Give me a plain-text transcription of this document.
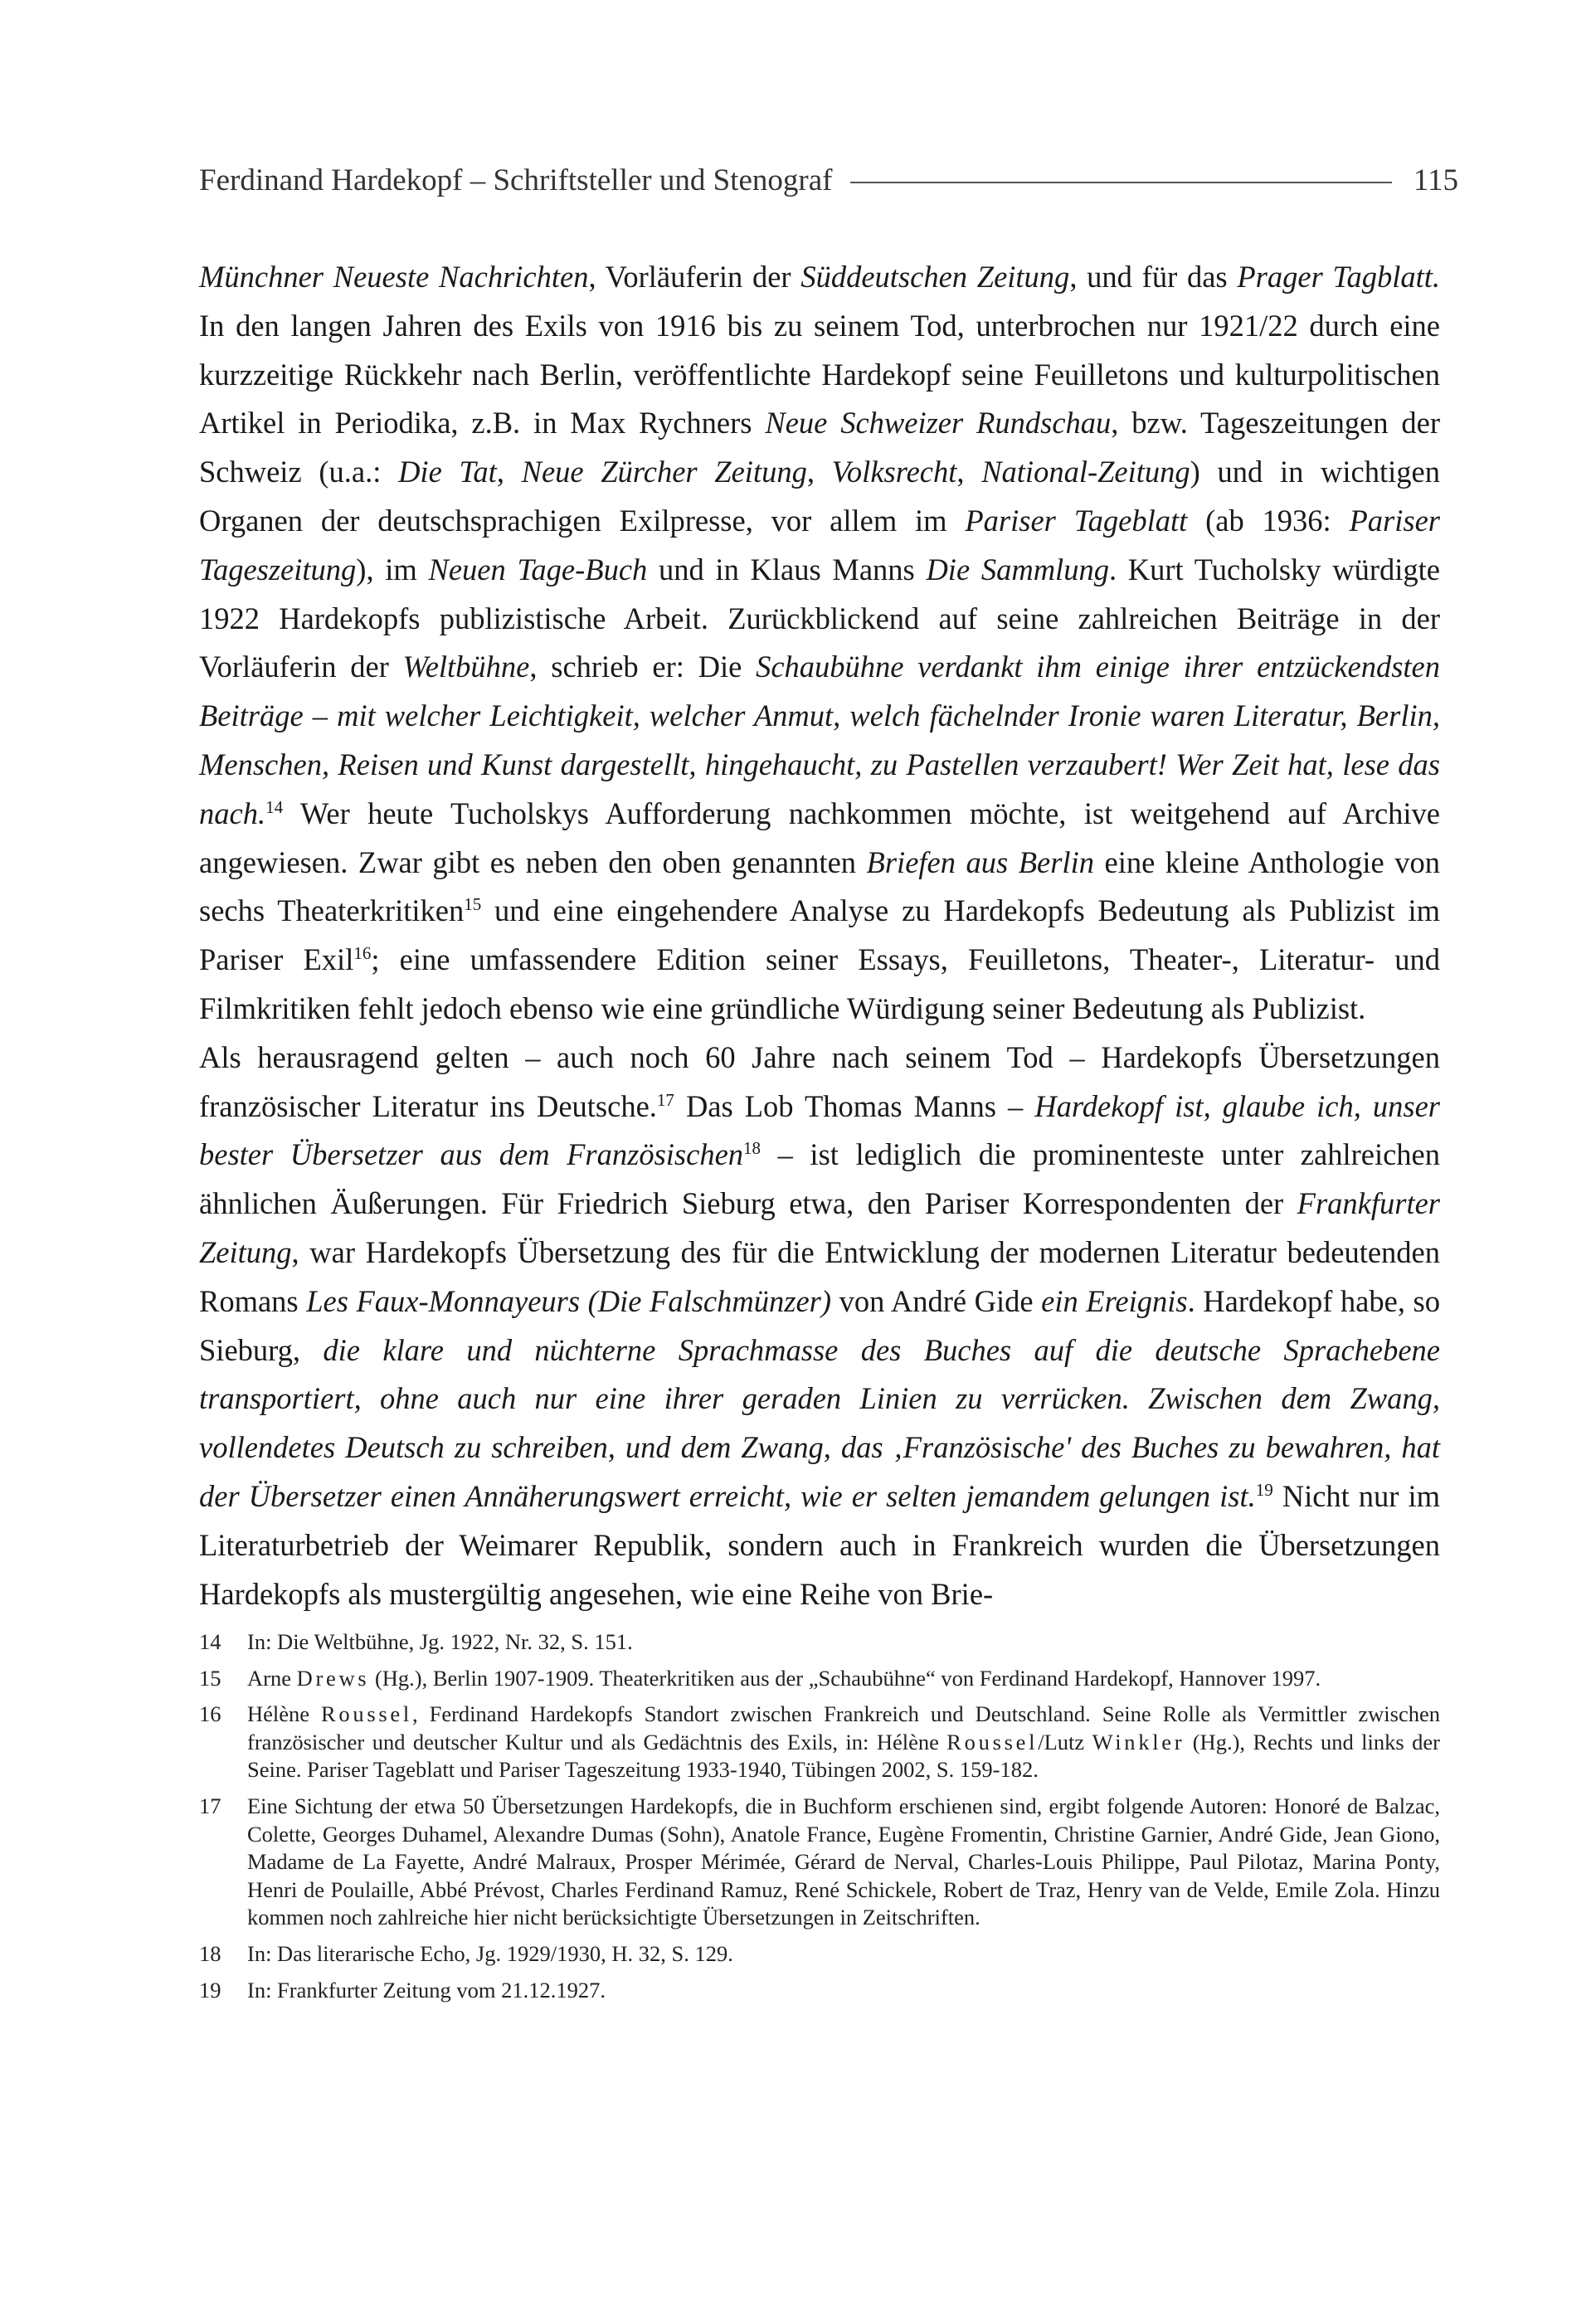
Ferdinand Hardekopf – Schriftsteller und Stenograf	115

Münchner Neueste Nachrichten, Vorläuferin der Süddeutschen Zeitung, und für das Prager Tagblatt. In den langen Jahren des Exils von 1916 bis zu seinem Tod, unterbrochen nur 1921/22 durch eine kurzzeitige Rückkehr nach Berlin, veröffentlichte Hardekopf seine Feuilletons und kulturpolitischen Artikel in Periodika, z.B. in Max Rychners Neue Schweizer Rundschau, bzw. Tageszeitungen der Schweiz (u.a.: Die Tat, Neue Zürcher Zeitung, Volksrecht, National-Zeitung) und in wichtigen Organen der deutschsprachigen Exilpresse, vor allem im Pariser Tageblatt (ab 1936: Pariser Tageszeitung), im Neuen Tage-Buch und in Klaus Manns Die Sammlung. Kurt Tucholsky würdigte 1922 Hardekopfs publizistische Arbeit. Zurückblickend auf seine zahlreichen Beiträge in der Vorläuferin der Weltbühne, schrieb er: Die Schaubühne verdankt ihm einige ihrer entzückendsten Beiträge – mit welcher Leichtigkeit, welcher Anmut, welch fächelnder Ironie waren Literatur, Berlin, Menschen, Reisen und Kunst dargestellt, hingehaucht, zu Pastellen verzaubert! Wer Zeit hat, lese das nach.$^{14}$ Wer heute Tucholskys Aufforderung nachkommen möchte, ist weitgehend auf Archive angewiesen. Zwar gibt es neben den oben genannten Briefen aus Berlin eine kleine Anthologie von sechs Theaterkritiken$^{15}$ und eine eingehendere Analyse zu Hardekopfs Bedeutung als Publizist im Pariser Exil$^{16}$; eine umfassendere Edition seiner Essays, Feuilletons, Theater-, Literatur- und Filmkritiken fehlt jedoch ebenso wie eine gründliche Würdigung seiner Bedeutung als Publizist.

Als herausragend gelten – auch noch 60 Jahre nach seinem Tod – Hardekopfs Übersetzungen französischer Literatur ins Deutsche.$^{17}$ Das Lob Thomas Manns – Hardekopf ist, glaube ich, unser bester Übersetzer aus dem Französischen$^{18}$ – ist lediglich die prominenteste unter zahlreichen ähnlichen Äußerungen. Für Friedrich Sieburg etwa, den Pariser Korrespondenten der Frankfurter Zeitung, war Hardekopfs Übersetzung des für die Entwicklung der modernen Literatur bedeutenden Romans Les Faux-Monnayeurs (Die Falschmünzer) von André Gide ein Ereignis. Hardekopf habe, so Sieburg, die klare und nüchterne Sprachmasse des Buches auf die deutsche Sprachebene transportiert, ohne auch nur eine ihrer geraden Linien zu verrücken. Zwischen dem Zwang, vollendetes Deutsch zu schreiben, und dem Zwang, das ‚Französische' des Buches zu bewahren, hat der Übersetzer einen Annäherungswert erreicht, wie er selten jemandem gelungen ist.$^{19}$ Nicht nur im Literaturbetrieb der Weimarer Republik, sondern auch in Frankreich wurden die Übersetzungen Hardekopfs als mustergültig angesehen, wie eine Reihe von Brie-

14	In: Die Weltbühne, Jg. 1922, Nr. 32, S. 151.
15	Arne Drews (Hg.), Berlin 1907-1909. Theaterkritiken aus der „Schaubühne“ von Ferdinand Hardekopf, Hannover 1997.
16	Hélène Roussel, Ferdinand Hardekopfs Standort zwischen Frankreich und Deutschland. Seine Rolle als Vermittler zwischen französischer und deutscher Kultur und als Gedächtnis des Exils, in: Hélène Roussel/Lutz Winkler (Hg.), Rechts und links der Seine. Pariser Tageblatt und Pariser Tageszeitung 1933-1940, Tübingen 2002, S. 159-182.
17	Eine Sichtung der etwa 50 Übersetzungen Hardekopfs, die in Buchform erschienen sind, ergibt folgende Autoren: Honoré de Balzac, Colette, Georges Duhamel, Alexandre Dumas (Sohn), Anatole France, Eugène Fromentin, Christine Garnier, André Gide, Jean Giono, Madame de La Fayette, André Malraux, Prosper Mérimée, Gérard de Nerval, Charles-Louis Philippe, Paul Pilotaz, Marina Ponty, Henri de Poulaille, Abbé Prévost, Charles Ferdinand Ramuz, René Schickele, Robert de Traz, Henry van de Velde, Emile Zola. Hinzu kommen noch zahlreiche hier nicht berücksichtigte Übersetzungen in Zeitschriften.
18	In: Das literarische Echo, Jg. 1929/1930, H. 32, S. 129.
19	In: Frankfurter Zeitung vom 21.12.1927.
